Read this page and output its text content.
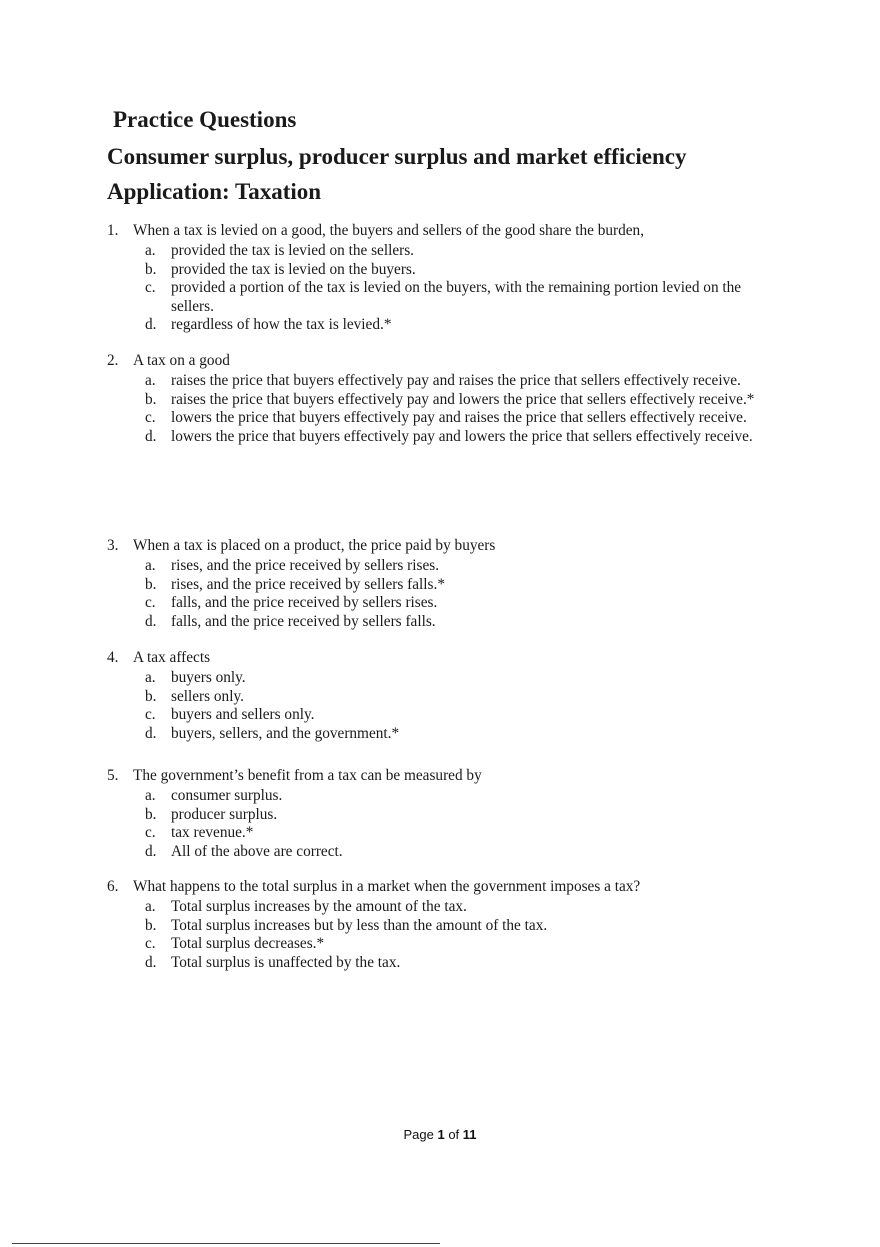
Practice Questions
Consumer surplus, producer surplus and market efficiency
Application: Taxation
1. When a tax is levied on a good, the buyers and sellers of the good share the burden,
a. provided the tax is levied on the sellers.
b. provided the tax is levied on the buyers.
c. provided a portion of the tax is levied on the buyers, with the remaining portion levied on the sellers.
d. regardless of how the tax is levied.*
2. A tax on a good
a. raises the price that buyers effectively pay and raises the price that sellers effectively receive.
b. raises the price that buyers effectively pay and lowers the price that sellers effectively receive.*
c. lowers the price that buyers effectively pay and raises the price that sellers effectively receive.
d. lowers the price that buyers effectively pay and lowers the price that sellers effectively receive.
3. When a tax is placed on a product, the price paid by buyers
a. rises, and the price received by sellers rises.
b. rises, and the price received by sellers falls.*
c. falls, and the price received by sellers rises.
d. falls, and the price received by sellers falls.
4. A tax affects
a. buyers only.
b. sellers only.
c. buyers and sellers only.
d. buyers, sellers, and the government.*
5. The government’s benefit from a tax can be measured by
a. consumer surplus.
b. producer surplus.
c. tax revenue.*
d. All of the above are correct.
6. What happens to the total surplus in a market when the government imposes a tax?
a. Total surplus increases by the amount of the tax.
b. Total surplus increases but by less than the amount of the tax.
c. Total surplus decreases.*
d. Total surplus is unaffected by the tax.
Page 1 of 11
